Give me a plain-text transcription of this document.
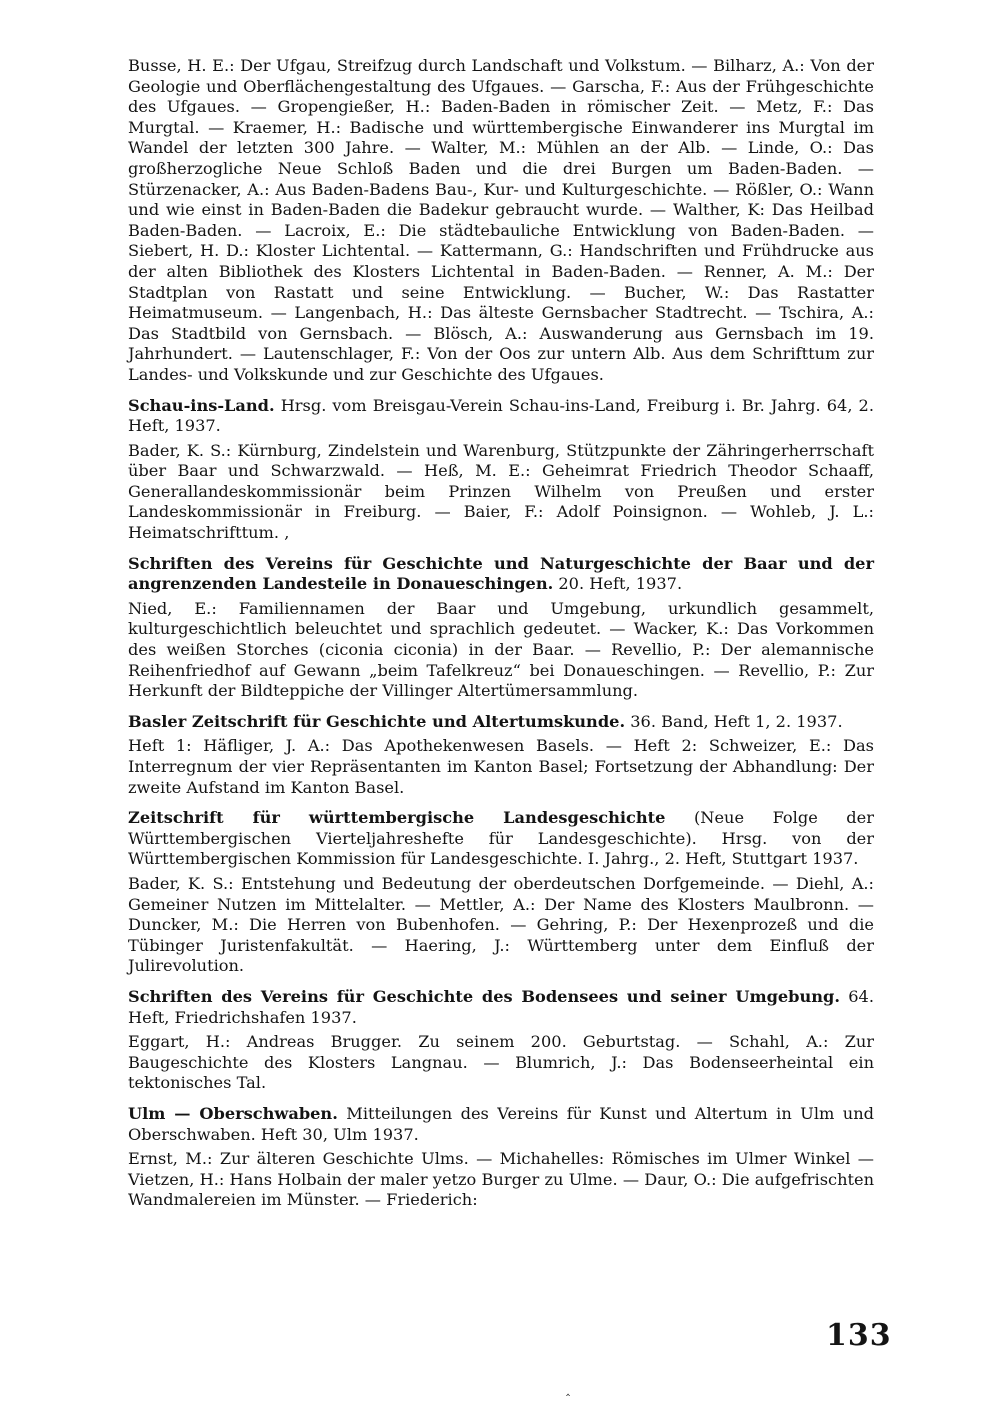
Busse, H. E.: Der Ufgau, Streifzug durch Landschaft und Volkstum. — Bilharz, A.: Von der Geologie und Oberflächengestaltung des Ufgaues. — Garscha, F.: Aus der Frühgeschichte des Ufgaues. — Gropengießer, H.: Baden-Baden in römischer Zeit. — Metz, F.: Das Murgtal. — Kraemer, H.: Badische und württembergische Einwanderer ins Murgtal im Wandel der letzten 300 Jahre. — Walter, M.: Mühlen an der Alb. — Linde, O.: Das großherzogliche Neue Schloß Baden und die drei Burgen um Baden-Baden. — Stürzenacker, A.: Aus Baden-Badens Bau-, Kur- und Kulturgeschichte. — Rößler, O.: Wann und wie einst in Baden-Baden die Badekur gebraucht wurde. — Walther, K: Das Heilbad Baden-Baden. — Lacroix, E.: Die städtebauliche Entwicklung von Baden-Baden. — Siebert, H. D.: Kloster Lichtental. — Kattermann, G.: Handschriften und Frühdrucke aus der alten Bibliothek des Klosters Lichtental in Baden-Baden. — Renner, A. M.: Der Stadtplan von Rastatt und seine Entwicklung. — Bucher, W.: Das Rastatter Heimatmuseum. — Langenbach, H.: Das älteste Gernsbacher Stadtrecht. — Tschira, A.: Das Stadtbild von Gernsbach. — Blösch, A.: Auswanderung aus Gernsbach im 19. Jahrhundert. — Lautenschlager, F.: Von der Oos zur untern Alb. Aus dem Schrifttum zur Landes- und Volkskunde und zur Geschichte des Ufgaues.

Schau-ins-Land. Hrsg. vom Breisgau-Verein Schau-ins-Land, Freiburg i. Br. Jahrg. 64, 2. Heft, 1937.

Bader, K. S.: Kürnburg, Zindelstein und Warenburg, Stützpunkte der Zähringerherrschaft über Baar und Schwarzwald. — Heß, M. E.: Geheimrat Friedrich Theodor Schaaff, Generallandeskommissionär beim Prinzen Wilhelm von Preußen und erster Landeskommissionär in Freiburg. — Baier, F.: Adolf Poinsignon. — Wohleb, J. L.: Heimatschrifttum. ‚

Schriften des Vereins für Geschichte und Naturgeschichte der Baar und der angrenzenden Landesteile in Donaueschingen. 20. Heft, 1937.

Nied, E.: Familiennamen der Baar und Umgebung, urkundlich gesammelt, kulturgeschichtlich beleuchtet und sprachlich gedeutet. — Wacker, K.: Das Vorkommen des weißen Storches (ciconia ciconia) in der Baar. — Revellio, P.: Der alemannische Reihenfriedhof auf Gewann „beim Tafelkreuz“ bei Donaueschingen. — Revellio, P.: Zur Herkunft der Bildteppiche der Villinger Altertümersammlung.

Basler Zeitschrift für Geschichte und Altertumskunde. 36. Band, Heft 1, 2. 1937.

Heft 1: Häfliger, J. A.: Das Apothekenwesen Basels. — Heft 2: Schweizer, E.: Das Interregnum der vier Repräsentanten im Kanton Basel; Fortsetzung der Abhandlung: Der zweite Aufstand im Kanton Basel.

Zeitschrift für württembergische Landesgeschichte (Neue Folge der Württembergischen Vierteljahreshefte für Landesgeschichte). Hrsg. von der Württembergischen Kommission für Landesgeschichte. I. Jahrg., 2. Heft, Stuttgart 1937.

Bader, K. S.: Entstehung und Bedeutung der oberdeutschen Dorfgemeinde. — Diehl, A.: Gemeiner Nutzen im Mittelalter. — Mettler, A.: Der Name des Klosters Maulbronn. — Duncker, M.: Die Herren von Bubenhofen. — Gehring, P.: Der Hexenprozeß und die Tübinger Juristenfakultät. — Haering, J.: Württemberg unter dem Einfluß der Julirevolution.

Schriften des Vereins für Geschichte des Bodensees und seiner Umgebung. 64. Heft, Friedrichshafen 1937.

Eggart, H.: Andreas Brugger. Zu seinem 200. Geburtstag. — Schahl, A.: Zur Baugeschichte des Klosters Langnau. — Blumrich, J.: Das Bodenseerheintal ein tektonisches Tal.

Ulm — Oberschwaben. Mitteilungen des Vereins für Kunst und Altertum in Ulm und Oberschwaben. Heft 30, Ulm 1937.

Ernst, M.: Zur älteren Geschichte Ulms. — Michahelles: Römisches im Ulmer Winkel — Vietzen, H.: Hans Holbain der maler yetzo Burger zu Ulme. — Daur, O.: Die aufgefrischten Wandmalereien im Münster. — Friederich:

133
‸
